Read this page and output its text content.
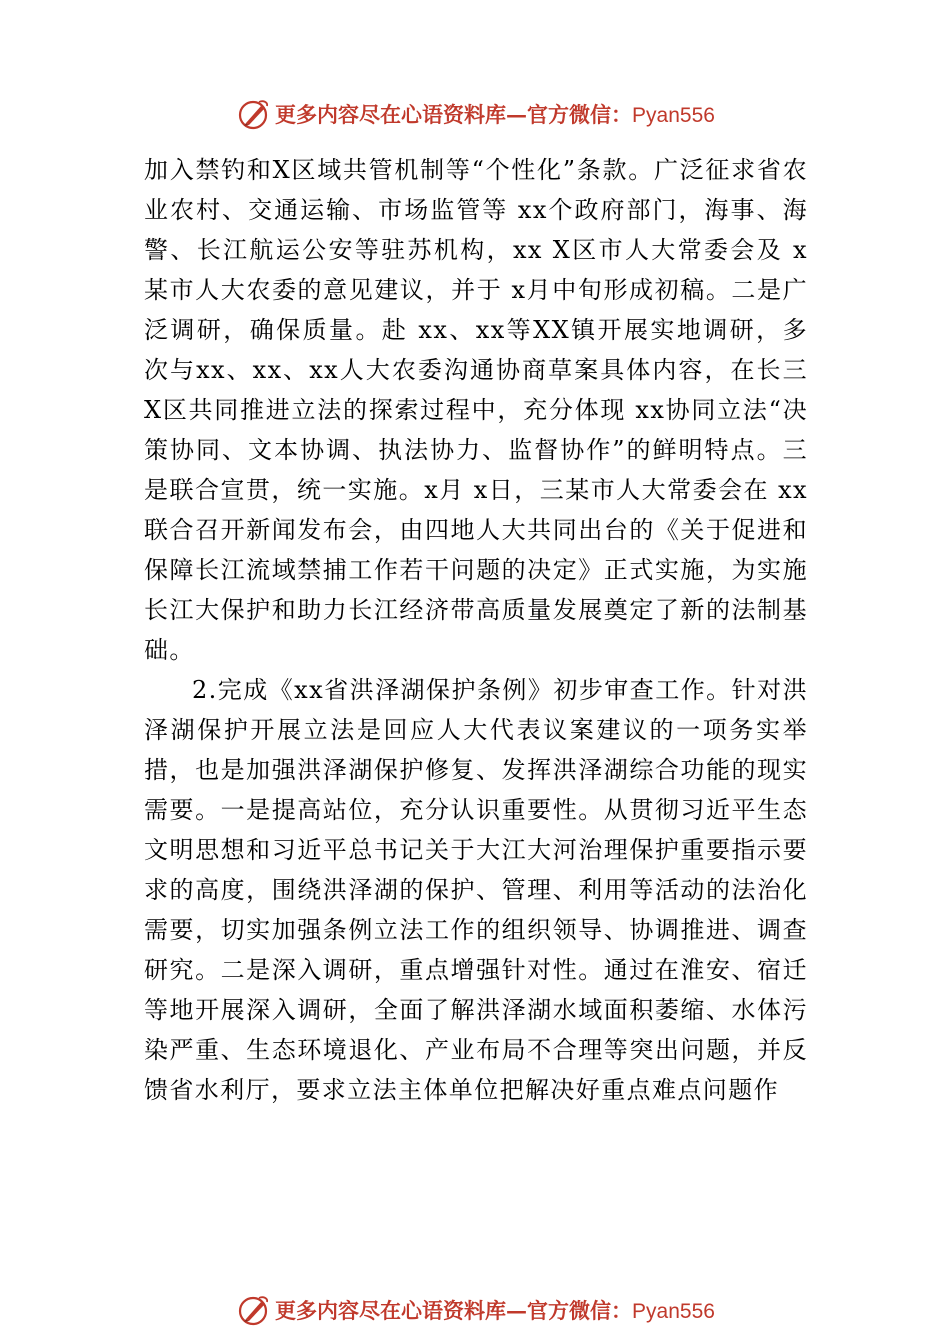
更多内容尽在心语资料库—官方微信：Pyan556

加入禁钓和X区域共管机制等“个性化”条款。广泛征求省农业农村、交通运输、市场监管等 xx个政府部门，海事、海警、长江航运公安等驻苏机构，xx X区市人大常委会及 x某市人大农委的意见建议，并于 x月中旬形成初稿。二是广泛调研，确保质量。赴 xx、xx等XX镇开展实地调研，多次与xx、xx、xx人大农委沟通协商草案具体内容，在长三X区共同推进立法的探索过程中，充分体现 xx协同立法“决策协同、文本协调、执法协力、监督协作”的鲜明特点。三是联合宣贯，统一实施。x月 x日，三某市人大常委会在 xx联合召开新闻发布会，由四地人大共同出台的《关于促进和保障长江流域禁捕工作若干问题的决定》正式实施，为实施长江大保护和助力长江经济带高质量发展奠定了新的法制基础。

2.完成《xx省洪泽湖保护条例》初步审查工作。针对洪泽湖保护开展立法是回应人大代表议案建议的一项务实举措，也是加强洪泽湖保护修复、发挥洪泽湖综合功能的现实需要。一是提高站位，充分认识重要性。从贯彻习近平生态文明思想和习近平总书记关于大江大河治理保护重要指示要求的高度，围绕洪泽湖的保护、管理、利用等活动的法治化需要，切实加强条例立法工作的组织领导、协调推进、调查研究。二是深入调研，重点增强针对性。通过在淮安、宿迁等地开展深入调研，全面了解洪泽湖水域面积萎缩、水体污染严重、生态环境退化、产业布局不合理等突出问题，并反馈省水利厅，要求立法主体单位把解决好重点难点问题作

更多内容尽在心语资料库—官方微信：Pyan556
